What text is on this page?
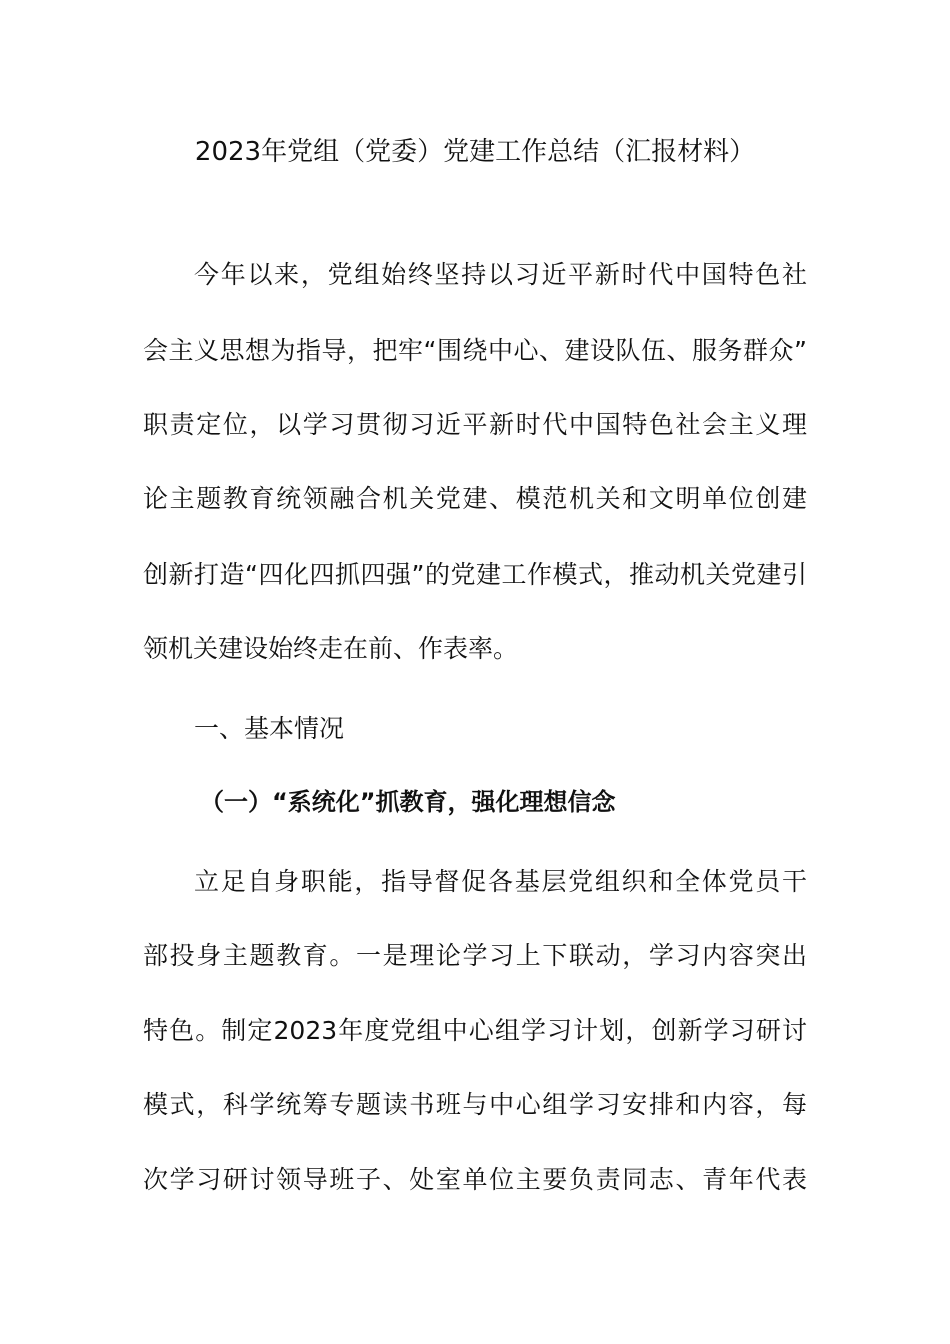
2023年党组（党委）党建工作总结（汇报材料）
今年以来，党组始终坚持以习近平新时代中国特色社
会主义思想为指导，把牢“围绕中心、建设队伍、服务群众”
职责定位，以学习贯彻习近平新时代中国特色社会主义理
论主题教育统领融合机关党建、模范机关和文明单位创建
创新打造“四化四抓四强”的党建工作模式，推动机关党建引
领机关建设始终走在前、作表率。
一、基本情况
（一）“系统化”抓教育，强化理想信念
立足自身职能，指导督促各基层党组织和全体党员干
部投身主题教育。一是理论学习上下联动，学习内容突出
特色。制定2023年度党组中心组学习计划，创新学习研讨
模式，科学统筹专题读书班与中心组学习安排和内容，每
次学习研讨领导班子、处室单位主要负责同志、青年代表
